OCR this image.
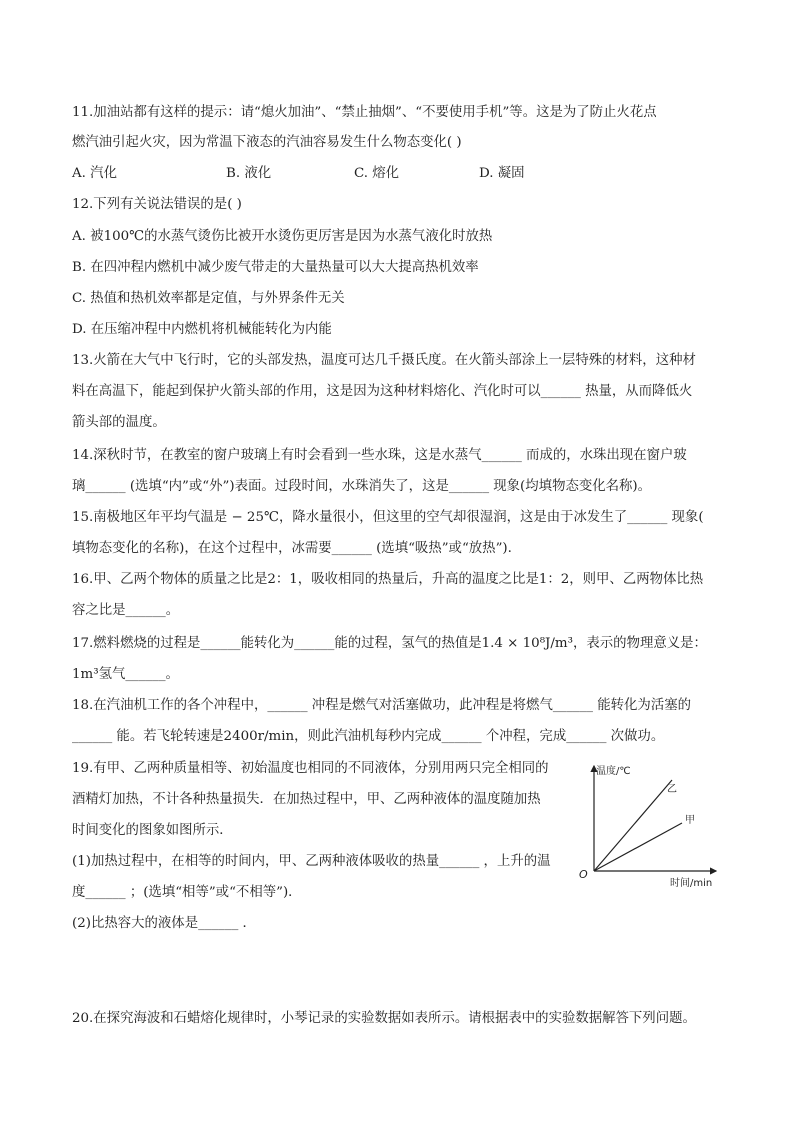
11.加油站都有这样的提示：请“熄火加油”、“禁止抽烟”、“不要使用手机”等。这是为了防止火花点
燃汽油引起火灾，因为常温下液态的汽油容易发生什么物态变化( )
A. 汽化	B. 液化	C. 熔化	D. 凝固
12.下列有关说法错误的是( )
A. 被100℃的水蒸气烫伤比被开水烫伤更厉害是因为水蒸气液化时放热
B. 在四冲程内燃机中减少废气带走的大量热量可以大大提高热机效率
C. 热值和热机效率都是定值，与外界条件无关
D. 在压缩冲程中内燃机将机械能转化为内能
13.火箭在大气中飞行时，它的头部发热，温度可达几千摄氏度。在火箭头部涂上一层特殊的材料，这种材
料在高温下，能起到保护火箭头部的作用，这是因为这种材料熔化、汽化时可以______ 热量，从而降低火
箭头部的温度。
14.深秋时节，在教室的窗户玻璃上有时会看到一些水珠，这是水蒸气______ 而成的，水珠出现在窗户玻
璃______ (选填“内”或“外”)表面。过段时间，水珠消失了，这是______ 现象(均填物态变化名称)。
15.南极地区年平均气温是 − 25℃，降水量很小，但这里的空气却很湿润，这是由于冰发生了______ 现象(
填物态变化的名称)，在这个过程中，冰需要______ (选填“吸热”或“放热”).
16.甲、乙两个物体的质量之比是2：1，吸收相同的热量后，升高的温度之比是1：2，则甲、乙两物体比热
容之比是______。
17.燃料燃烧的过程是______能转化为______能的过程，氢气的热值是1.4 × 10⁸J/m³，表示的物理意义是：
1m³氢气______。
18.在汽油机工作的各个冲程中，______ 冲程是燃气对活塞做功，此冲程是将燃气______ 能转化为活塞的
______ 能。若飞轮转速是2400r/min，则此汽油机每秒内完成______ 个冲程，完成______ 次做功。
19.有甲、乙两种质量相等、初始温度也相同的不同液体，分别用两只完全相同的
酒精灯加热，不计各种热量损失．在加热过程中，甲、乙两种液体的温度随加热
时间变化的图象如图所示．
(1)加热过程中，在相等的时间内，甲、乙两种液体吸收的热量______ ，上升的温
度______ ；(选填“相等”或“不相等”)．
(2)比热容大的液体是______ ．
温度/℃
时间/min
O
乙
甲
20.在探究海波和石蜡熔化规律时，小琴记录的实验数据如表所示。请根据表中的实验数据解答下列问题。
